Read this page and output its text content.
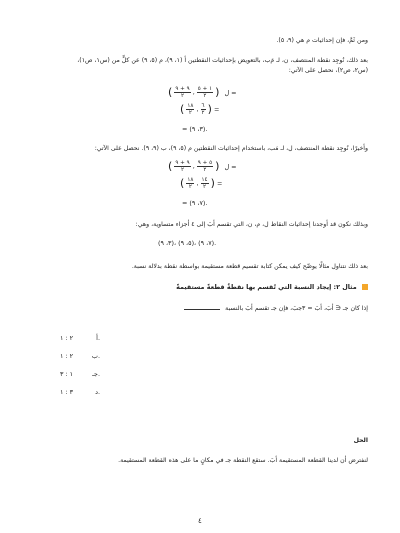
ومن ثَمَّ، فإن إحداثيات م هي (٩، ٥).
بعد ذلك، نُوجِد نقطة المنتصف، ن، لـ ﻡَب، بالتعويض بإحداثيات النقطتين أ (١، ٩)، م (٥، ٩) عن كلٍّ من (س١، ص١)،
(س٢، ص٢)، نحصل على الآتي:
( $\frac{٩ + ٩}{٢}$ ، $\frac{١ + ٥}{٢}$ ) ل =
( $\frac{١٨}{٢}$ ، $\frac{٦}{٢}$ ) =
= (٣، ٩).
وأخيرًا، نُوجِد نقطة المنتصف، ل، لـ مَب، باستخدام إحداثيات النقطتين م (٥، ٩)، ب (٩، ٩). نحصل على الآتي:
( $\frac{٩ + ٩}{٢}$ ، $\frac{٥ + ٩}{٢}$ ) ل =
( $\frac{١٨}{٢}$ ، $\frac{١٤}{٢}$ ) =
= (٧، ٩).
وبذلك نكون قد أوجدنا إحداثيات النقاط ل، م، ن، التي تقسم أبَ إلى ٤ أجزاء متساوية، وهي:
(٣، ٩)، (٥، ٩)، (٧، ٩).
بعد ذلك نتناول مثالًا يوضّح كيف يمكن كتابة تقسيم قطعة مستقيمة بواسطة نقطة بدلالة نسبة.
مثال ٢: إيجاد النسبة التي تُقسم بها نقطةٌ قطعةً مستقيمةً
إذا كان جـ ∈ أبَ، أبَ = ٣جبَ، فإن جـ تقسم أبَ بالنسبة
٢ : ١	أ.
٢ : ١	ب.
١ : ٣	جـ.
٣ : ١	د.
الحل
لنفترض أن لدينا القطعة المستقيمة أبَ. ستقع النقطة جـ في مكانٍ ما على هذه القطعة المستقيمة.
٤
